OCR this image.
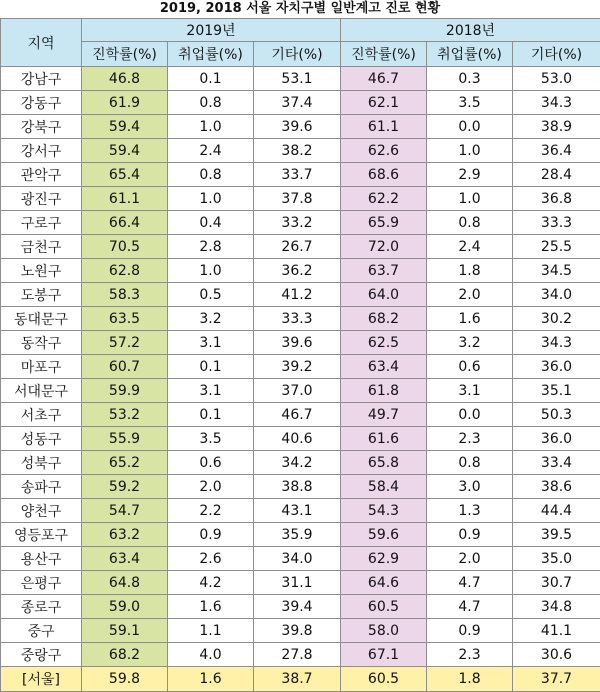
2019, 2018 서울 자치구별 일반계고 진로 현황
지역	2019년			2018년		
	진학률(%)	취업률(%)	기타(%)	진학률(%)	취업률(%)	기타(%)
강남구	46.8	0.1	53.1	46.7	0.3	53.0
강동구	61.9	0.8	37.4	62.1	3.5	34.3
강북구	59.4	1.0	39.6	61.1	0.0	38.9
강서구	59.4	2.4	38.2	62.6	1.0	36.4
관악구	65.4	0.8	33.7	68.6	2.9	28.4
광진구	61.1	1.0	37.8	62.2	1.0	36.8
구로구	66.4	0.4	33.2	65.9	0.8	33.3
금천구	70.5	2.8	26.7	72.0	2.4	25.5
노원구	62.8	1.0	36.2	63.7	1.8	34.5
도봉구	58.3	0.5	41.2	64.0	2.0	34.0
동대문구	63.5	3.2	33.3	68.2	1.6	30.2
동작구	57.2	3.1	39.6	62.5	3.2	34.3
마포구	60.7	0.1	39.2	63.4	0.6	36.0
서대문구	59.9	3.1	37.0	61.8	3.1	35.1
서초구	53.2	0.1	46.7	49.7	0.0	50.3
성동구	55.9	3.5	40.6	61.6	2.3	36.0
성북구	65.2	0.6	34.2	65.8	0.8	33.4
송파구	59.2	2.0	38.8	58.4	3.0	38.6
양천구	54.7	2.2	43.1	54.3	1.3	44.4
영등포구	63.2	0.9	35.9	59.6	0.9	39.5
용산구	63.4	2.6	34.0	62.9	2.0	35.0
은평구	64.8	4.2	31.1	64.6	4.7	30.7
종로구	59.0	1.6	39.4	60.5	4.7	34.8
중구	59.1	1.1	39.8	58.0	0.9	41.1
중랑구	68.2	4.0	27.8	67.1	2.3	30.6
[서울]	59.8	1.6	38.7	60.5	1.8	37.7
